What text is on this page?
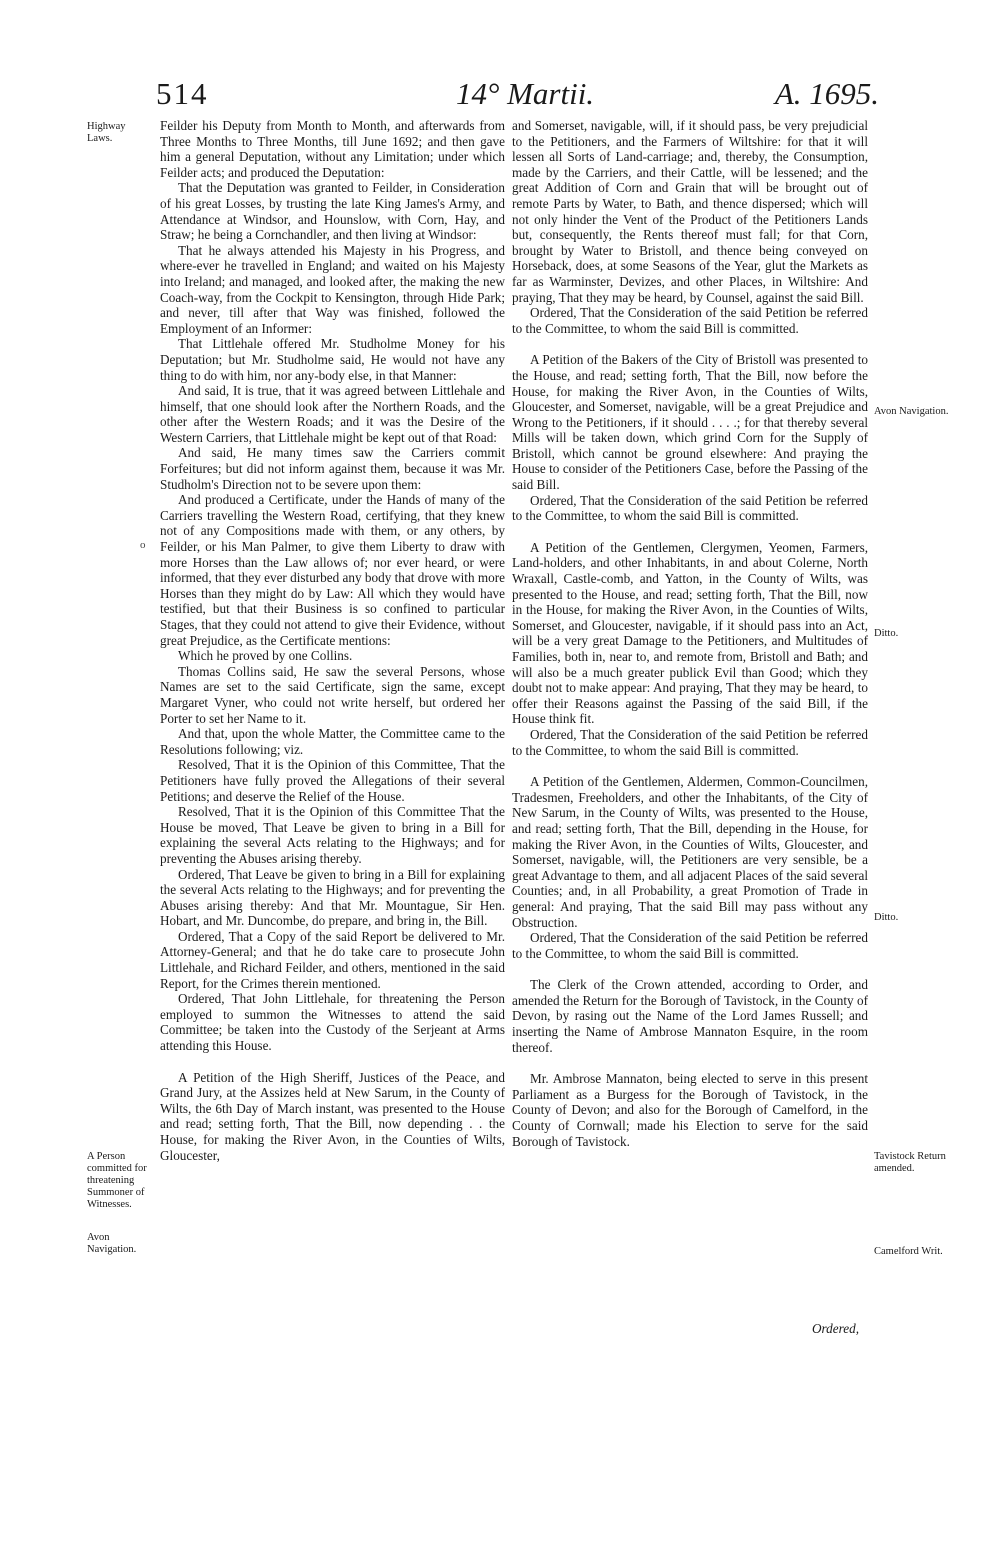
514	14° Martii.	A. 1695.
o
Highway Laws.
A Person committed for threatening Summoner of Witnesses.
Avon Navigation.
Avon Navigation.
Ditto.
Ditto.
Tavistock Return amended.
Camelford Writ.

Feilder his Deputy from Month to Month, and afterwards from Three Months to Three Months, till June 1692; and then gave him a general Deputation, without any Limitation; under which Feilder acts; and produced the Deputation:

That the Deputation was granted to Feilder, in Consideration of his great Losses, by trusting the late King James's Army, and Attendance at Windsor, and Hounslow, with Corn, Hay, and Straw; he being a Cornchandler, and then living at Windsor:

That he always attended his Majesty in his Progress, and where-ever he travelled in England; and waited on his Majesty into Ireland; and managed, and looked after, the making the new Coach-way, from the Cockpit to Kensington, through Hide Park; and never, till after that Way was finished, followed the Employment of an Informer:

That Littlehale offered Mr. Studholme Money for his Deputation; but Mr. Studholme said, He would not have any thing to do with him, nor any-body else, in that Manner:

And said, It is true, that it was agreed between Littlehale and himself, that one should look after the Northern Roads, and the other after the Western Roads; and it was the Desire of the Western Carriers, that Littlehale might be kept out of that Road:

And said, He many times saw the Carriers commit Forfeitures; but did not inform against them, because it was Mr. Studholm's Direction not to be severe upon them:

And produced a Certificate, under the Hands of many of the Carriers travelling the Western Road, certifying, that they knew not of any Compositions made with them, or any others, by Feilder, or his Man Palmer, to give them Liberty to draw with more Horses than the Law allows of; nor ever heard, or were informed, that they ever disturbed any body that drove with more Horses than they might do by Law: All which they would have testified, but that their Business is so confined to particular Stages, that they could not attend to give their Evidence, without great Prejudice, as the Certificate mentions:

Which he proved by one Collins.

Thomas Collins said, He saw the several Persons, whose Names are set to the said Certificate, sign the same, except Margaret Vyner, who could not write herself, but ordered her Porter to set her Name to it.

And that, upon the whole Matter, the Committee came to the Resolutions following; viz.

Resolved, That it is the Opinion of this Committee, That the Petitioners have fully proved the Allegations of their several Petitions; and deserve the Relief of the House.

Resolved, That it is the Opinion of this Committee That the House be moved, That Leave be given to bring in a Bill for explaining the several Acts relating to the Highways; and for preventing the Abuses arising thereby.

Ordered, That Leave be given to bring in a Bill for explaining the several Acts relating to the Highways; and for preventing the Abuses arising thereby: And that Mr. Mountague, Sir Hen. Hobart, and Mr. Duncombe, do prepare, and bring in, the Bill.

Ordered, That a Copy of the said Report be delivered to Mr. Attorney-General; and that he do take care to prosecute John Littlehale, and Richard Feilder, and others, mentioned in the said Report, for the Crimes therein mentioned.

Ordered, That John Littlehale, for threatening the Person employed to summon the Witnesses to attend the said Committee; be taken into the Custody of the Serjeant at Arms attending this House.

A Petition of the High Sheriff, Justices of the Peace, and Grand Jury, at the Assizes held at New Sarum, in the County of Wilts, the 6th Day of March instant, was presented to the House and read; setting forth, That the Bill, now depending . . the House, for making the River Avon, in the Counties of Wilts, Gloucester,

and Somerset, navigable, will, if it should pass, be very prejudicial to the Petitioners, and the Farmers of Wiltshire: for that it will lessen all Sorts of Land-carriage; and, thereby, the Consumption, made by the Carriers, and their Cattle, will be lessened; and the great Addition of Corn and Grain that will be brought out of remote Parts by Water, to Bath, and thence dispersed; which will not only hinder the Vent of the Product of the Petitioners Lands but, consequently, the Rents thereof must fall; for that Corn, brought by Water to Bristoll, and thence being conveyed on Horseback, does, at some Seasons of the Year, glut the Markets as far as Warminster, Devizes, and other Places, in Wiltshire: And praying, That they may be heard, by Counsel, against the said Bill.

Ordered, That the Consideration of the said Petition be referred to the Committee, to whom the said Bill is committed.

A Petition of the Bakers of the City of Bristoll was presented to the House, and read; setting forth, That the Bill, now before the House, for making the River Avon, in the Counties of Wilts, Gloucester, and Somerset, navigable, will be a great Prejudice and Wrong to the Petitioners, if it should . . . .; for that thereby several Mills will be taken down, which grind Corn for the Supply of Bristoll, which cannot be ground elsewhere: And praying the House to consider of the Petitioners Case, before the Passing of the said Bill.

Ordered, That the Consideration of the said Petition be referred to the Committee, to whom the said Bill is committed.

A Petition of the Gentlemen, Clergymen, Yeomen, Farmers, Land-holders, and other Inhabitants, in and about Colerne, North Wraxall, Castle-comb, and Yatton, in the County of Wilts, was presented to the House, and read; setting forth, That the Bill, now in the House, for making the River Avon, in the Counties of Wilts, Somerset, and Gloucester, navigable, if it should pass into an Act, will be a very great Damage to the Petitioners, and Multitudes of Families, both in, near to, and remote from, Bristoll and Bath; and will also be a much greater publick Evil than Good; which they doubt not to make appear: And praying, That they may be heard, to offer their Reasons against the Passing of the said Bill, if the House think fit.

Ordered, That the Consideration of the said Petition be referred to the Committee, to whom the said Bill is committed.

A Petition of the Gentlemen, Aldermen, Common-Councilmen, Tradesmen, Freeholders, and other the Inhabitants, of the City of New Sarum, in the County of Wilts, was presented to the House, and read; setting forth, That the Bill, depending in the House, for making the River Avon, in the Counties of Wilts, Gloucester, and Somerset, navigable, will, the Petitioners are very sensible, be a great Advantage to them, and all adjacent Places of the said several Counties; and, in all Probability, a great Promotion of Trade in general: And praying, That the said Bill may pass without any Obstruction.

Ordered, That the Consideration of the said Petition be referred to the Committee, to whom the said Bill is committed.

The Clerk of the Crown attended, according to Order, and amended the Return for the Borough of Tavistock, in the County of Devon, by rasing out the Name of the Lord James Russell; and inserting the Name of Ambrose Mannaton Esquire, in the room thereof.

Mr. Ambrose Mannaton, being elected to serve in this present Parliament as a Burgess for the Borough of Tavistock, in the County of Devon; and also for the Borough of Camelford, in the County of Cornwall; made his Election to serve for the said Borough of Tavistock.

Ordered,
